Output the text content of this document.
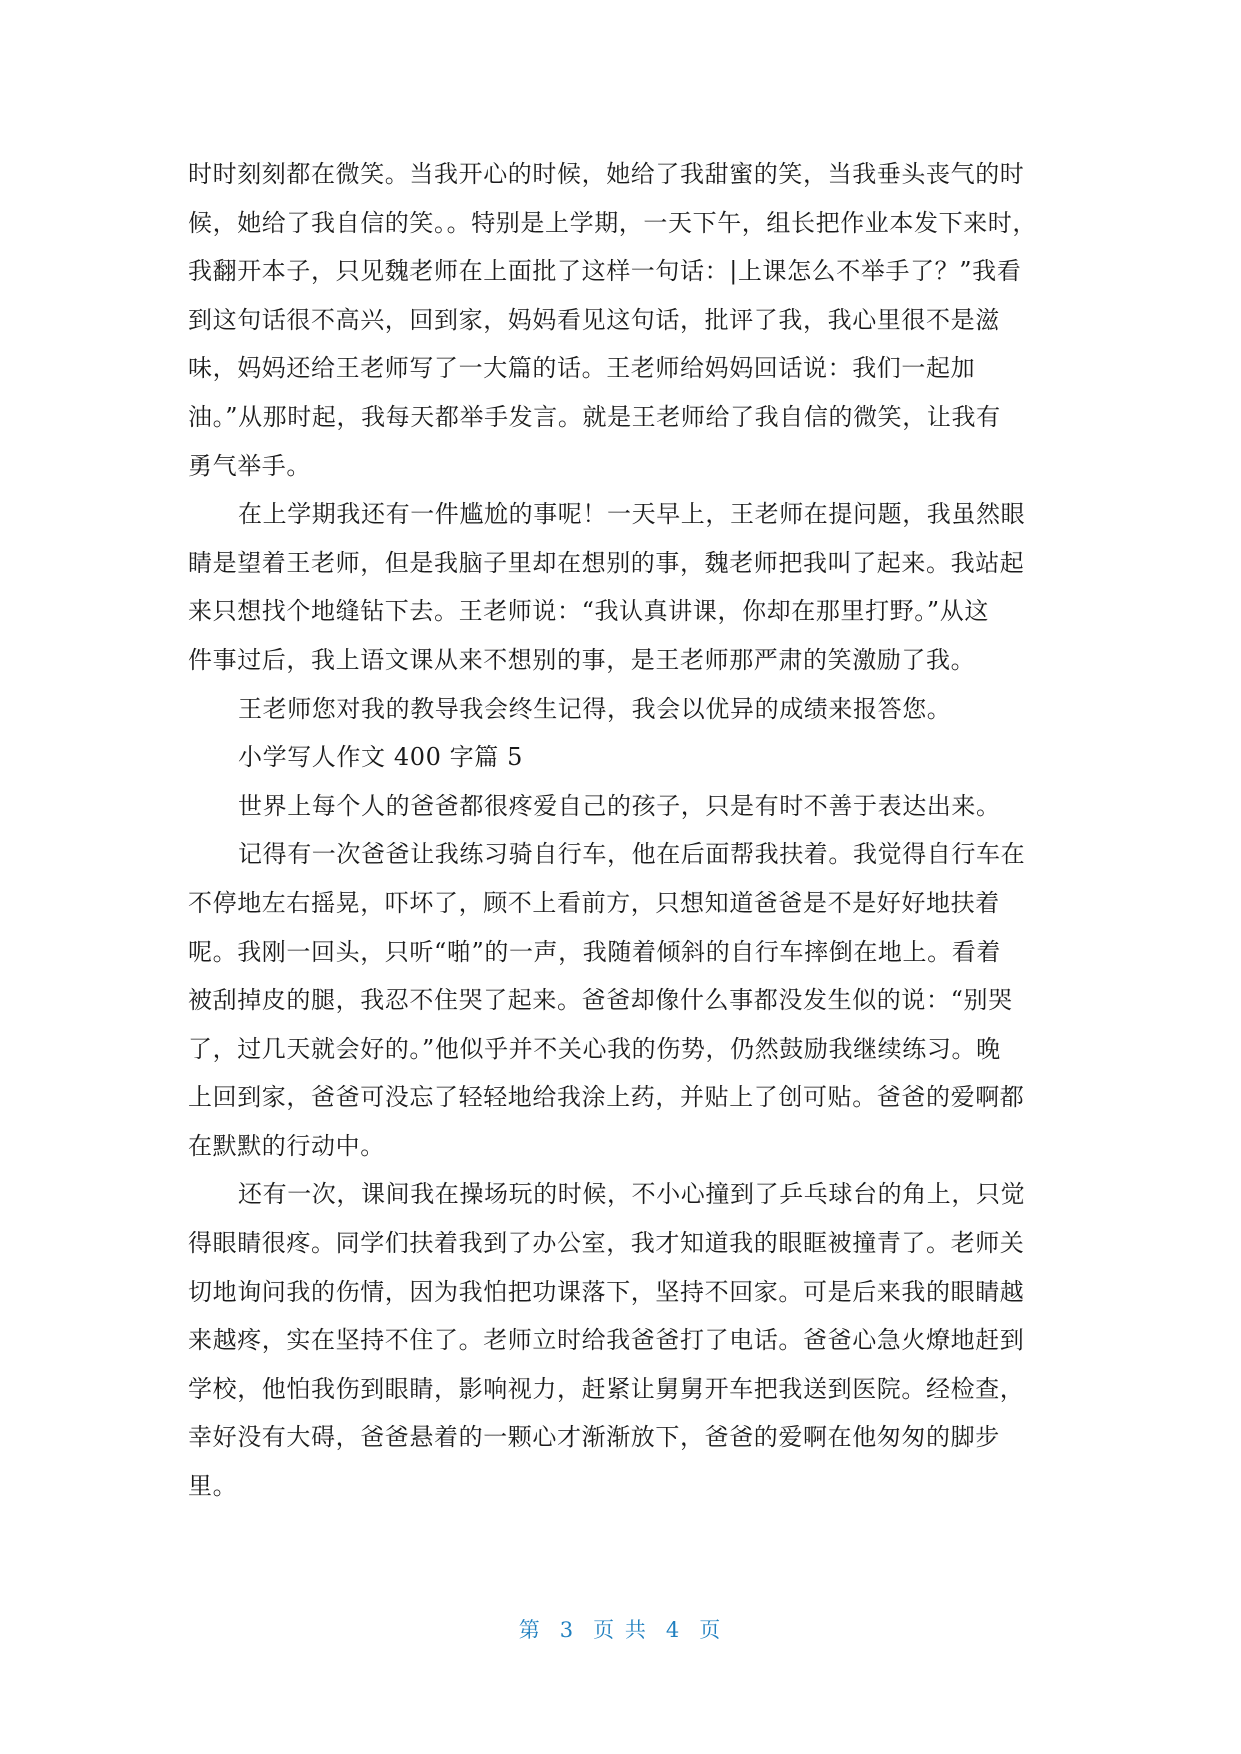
时时刻刻都在微笑。当我开心的时候，她给了我甜蜜的笑，当我垂头丧气的时
候，她给了我自信的笑。。特别是上学期，一天下午，组长把作业本发下来时，
我翻开本子，只见魏老师在上面批了这样一句话：|上课怎么不举手了？”我看
到这句话很不高兴，回到家，妈妈看见这句话，批评了我，我心里很不是滋
味，妈妈还给王老师写了一大篇的话。王老师给妈妈回话说：我们一起加
油。”从那时起，我每天都举手发言。就是王老师给了我自信的微笑，让我有
勇气举手。
在上学期我还有一件尴尬的事呢！一天早上，王老师在提问题，我虽然眼
睛是望着王老师，但是我脑子里却在想别的事，魏老师把我叫了起来。我站起
来只想找个地缝钻下去。王老师说：“我认真讲课，你却在那里打野。”从这
件事过后，我上语文课从来不想别的事，是王老师那严肃的笑激励了我。
王老师您对我的教导我会终生记得，我会以优异的成绩来报答您。
小学写人作文 400 字篇 5
世界上每个人的爸爸都很疼爱自己的孩子，只是有时不善于表达出来。
记得有一次爸爸让我练习骑自行车，他在后面帮我扶着。我觉得自行车在
不停地左右摇晃，吓坏了，顾不上看前方，只想知道爸爸是不是好好地扶着
呢。我刚一回头，只听“啪”的一声，我随着倾斜的自行车摔倒在地上。看着
被刮掉皮的腿，我忍不住哭了起来。爸爸却像什么事都没发生似的说：“别哭
了，过几天就会好的。”他似乎并不关心我的伤势，仍然鼓励我继续练习。晚
上回到家，爸爸可没忘了轻轻地给我涂上药，并贴上了创可贴。爸爸的爱啊都
在默默的行动中。
还有一次，课间我在操场玩的时候，不小心撞到了乒乓球台的角上，只觉
得眼睛很疼。同学们扶着我到了办公室，我才知道我的眼眶被撞青了。老师关
切地询问我的伤情，因为我怕把功课落下，坚持不回家。可是后来我的眼睛越
来越疼，实在坚持不住了。老师立时给我爸爸打了电话。爸爸心急火燎地赶到
学校，他怕我伤到眼睛，影响视力，赶紧让舅舅开车把我送到医院。经检查，
幸好没有大碍，爸爸悬着的一颗心才渐渐放下，爸爸的爱啊在他匆匆的脚步
里。
第 3 页 共 4 页
